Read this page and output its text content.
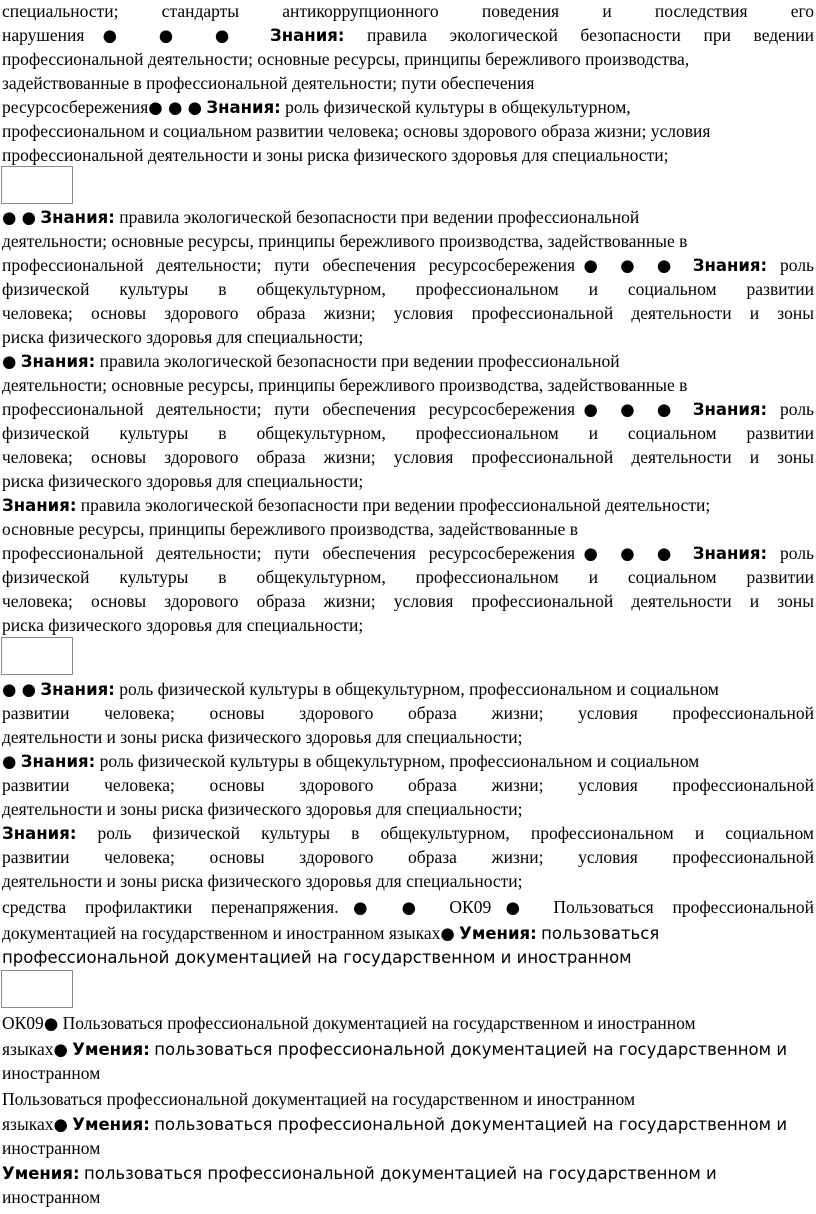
специальности; стандарты антикоррупционного поведения и последствия его
нарушения● ● ● Знания: правила экологической безопасности при ведении
профессиональной деятельности; основные ресурсы, принципы бережливого производства,
задействованные в профессиональной деятельности; пути обеспечения
ресурсосбережения● ● ● Знания: роль физической культуры в общекультурном,
профессиональном и социальном развитии человека; основы здорового образа жизни; условия
профессиональной деятельности и зоны риска физического здоровья для специальности;
● ● Знания: правила экологической безопасности при ведении профессиональной
деятельности; основные ресурсы, принципы бережливого производства, задействованные в
профессиональной деятельности; пути обеспечения ресурсосбережения● ● ● Знания: роль
физической культуры в общекультурном, профессиональном и социальном развитии
человека; основы здорового образа жизни; условия профессиональной деятельности и зоны
риска физического здоровья для специальности;
● Знания: правила экологической безопасности при ведении профессиональной
деятельности; основные ресурсы, принципы бережливого производства, задействованные в
профессиональной деятельности; пути обеспечения ресурсосбережения● ● ● Знания: роль
физической культуры в общекультурном, профессиональном и социальном развитии
человека; основы здорового образа жизни; условия профессиональной деятельности и зоны
риска физического здоровья для специальности;
Знания: правила экологической безопасности при ведении профессиональной деятельности;
основные ресурсы, принципы бережливого производства, задействованные в
профессиональной деятельности; пути обеспечения ресурсосбережения● ● ● Знания: роль
физической культуры в общекультурном, профессиональном и социальном развитии
человека; основы здорового образа жизни; условия профессиональной деятельности и зоны
риска физического здоровья для специальности;
● ● Знания: роль физической культуры в общекультурном, профессиональном и социальном
развитии человека; основы здорового образа жизни; условия профессиональной
деятельности и зоны риска физического здоровья для специальности;
● Знания: роль физической культуры в общекультурном, профессиональном и социальном
развитии человека; основы здорового образа жизни; условия профессиональной
деятельности и зоны риска физического здоровья для специальности;
Знания: роль физической культуры в общекультурном, профессиональном и социальном
развитии человека; основы здорового образа жизни; условия профессиональной
деятельности и зоны риска физического здоровья для специальности;
средства профилактики перенапряжения.● ● ОК09● Пользоваться профессиональной
документацией на государственном и иностранном языках● Умения: пользоваться
профессиональной документацией на государственном и иностранном
ОК09● Пользоваться профессиональной документацией на государственном и иностранном
языках● Умения: пользоваться профессиональной документацией на государственном и
иностранном
Пользоваться профессиональной документацией на государственном и иностранном
языках● Умения: пользоваться профессиональной документацией на государственном и
иностранном
Умения: пользоваться профессиональной документацией на государственном и
иностранном
